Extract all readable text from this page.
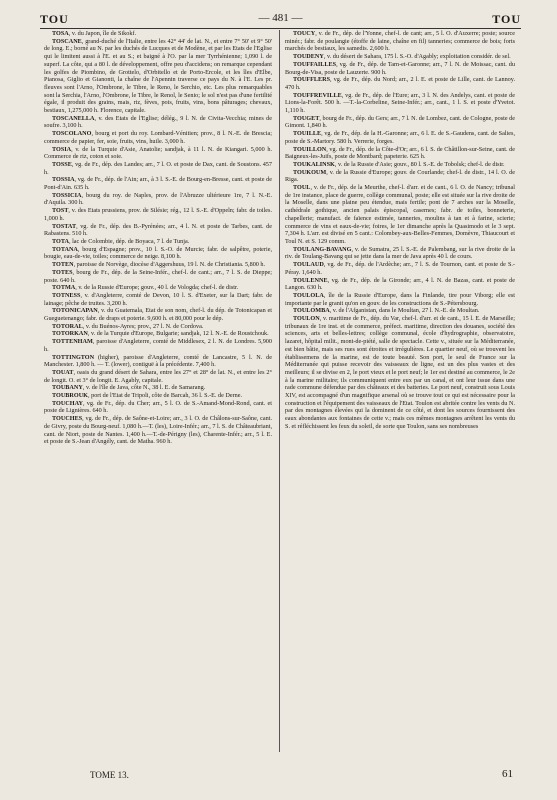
TOU	— 481 —	TOU

TOSA, v. du Japon, île de Sikokf.

TOSCANE, grand-duché de l'Italie, entre les 42° 44' de lat. N., et entre 7° 50' et 9° 50' de long. E.; borné au N. par les duchés de Lucques et de Modène, et par les Etats de l'Eglise qui le limitent aussi à l'E. et au S.; et baigné à l'O. par la mer Tyrrhénienne; 1,090 l. de superf. La côte, qui a 80 l. de développement, offre peu d'accidens; on remarque cependant les golfes de Piombino, de Grottelo, d'Orbitello et de Porto-Ercole, et les îles d'Elbe, Pianosa, Giglio et Gianonti, la chaîne de l'Apennin traverse ce pays du N. à l'E. Les pr. fleuves sont l'Arno, l'Ombrone, le Tibre, le Reno, le Serchio, etc. Les plus remarquables sont la Serchia, l'Arno, l'Ombrone, le Tibre, le Renol, le Senio; le sol n'est pas d'une fertilité égale, il produit des grains, mais, riz, fèves, pois, fruits, vins, bons pâturages; chevaux, bestiaux, 1,275,000 h. Florence, capitale.

TOSCANELLA, v. des Etats de l'Eglise; délég., 9 l. N. de Civita-Vecchia; mines de soufre. 3,100 h.

TOSCOLANO, bourg et port du roy. Lombard-Vénitien; prov., 8 l. N.-E. de Brescia; commerce de papier, fer, soie, fruits, vins, huile. 3,000 h.

TOSIA, v. de la Turquie d'Asie, Anatolie; sandjak, à 11 l. N. de Kiangari. 5,000 h. Commerce de riz, coton et soie.

TOSSE, vg. de Fr., dép. des Landes; arr., 7 l. O. et poste de Dax, cant. de Soustons. 457 h.

TOSSIA, vg. de Fr., dép. de l'Ain; arr., à 3 l. S.-E. de Bourg-en-Bresse, cant. et poste de Pont-d'Ain. 635 h.

TOSSICIA, bourg du roy. de Naples, prov. de l'Abruzze ultérieure 1re, 7 l. N.-E. d'Aquila. 300 h.

TOST, v. des Etats prussiens, prov. de Silésie; rég., 12 l. S.-E. d'Oppeln; fabr. de toiles. 1,000 h.

TOSTAT, vg. de Fr., dép. des B.-Pyrénées; arr., 4 l. N. et poste de Tarbes, cant. de Rabastens. 510 h.

TOTA, lac de Colombie, dép. de Boyaca, 7 l. de Tunja.

TOTANA, bourg d'Espagne; prov., 10 l. S.-O. de Murcie; fabr. de salpêtre, poterie, bougie, eau-de-vie, toiles; commerce de neige. 8,100 h.

TOTEN, paroisse de Norvège, diocèse d'Aggershuus, 19 l. N. de Christiania. 5,800 h.

TOTES, bourg de Fr., dép. de la Seine-Infér., chef-l. de cant.; arr., 7 l. S. de Dieppe; poste. 640 h.

TOTMA, v. de la Russie d'Europe; gouv., 40 l. de Vologda; chef-l. de distr.

TOTNESS, v. d'Angleterre, comté de Devon, 10 l. S. d'Exeter, sur la Dart; fabr. de lainage; pêche de truites. 3,200 h.

TOTONICAPAN, v. du Guatemala, Etat de son nom, chef-l. du dép. de Totonicapan et Gueguetenango; fabr. de draps et poterie. 9,600 h. et 80,000 pour le dép.

TOTORAL, v. du Buénos-Ayres; prov., 27 l. N. de Cordova.

TOTORKAN, v. de la Turquie d'Europe, Bulgarie; sandjak, 12 l. N.-E. de Roustchouk.

TOTTENHAM, paroisse d'Angleterre, comté de Middlesex, 2 l. N. de Londres. 5,900 h.

TOTTINGTON (higher), paroisse d'Angleterre, comté de Lancastre, 5 l. N. de Manchester. 1,800 h. — T. (lower), contiguë à la précédente. 7,400 h.

TOUAT, oasis du grand désert de Sahara, entre les 27° et 28° de lat. N., et entre les 2° de longit. O. et 3° de longit. E. Agably, capitale.

TOUBANY, v. de l'île de Java, côte N., 38 l. E. de Samarang.

TOUBROUK, port de l'Etat de Tripoli, côte de Barcah, 36 l. S.-E. de Derne.

TOUCHAY, vg. de Fr., dép. du Cher; arr., 5 l. O. de S.-Amand-Mond-Rond, cant. et poste de Lignières. 640 h.

TOUCHES, vg. de Fr., dép. de Saône-et-Loire; arr., 3 l. O. de Châlons-sur-Saône, cant. de Givry, poste du Bourg-neuf. 1,080 h.—T. (les), Loire-Infér.; arr., 7 l. S. de Châteaubriant, cant. de Niort, poste de Nantes. 1,400 h.—T.-de-Périgny (les), Charente-Infér.; arr., 5 l. E. et poste de S.-Jean d'Angély, cant. de Matha. 960 h.

TOUCY, v. de Fr., dép. de l'Yonne, chef-l. de cant; arr., 5 l. O. d'Auxerre; poste; source minér.; fabr. de poulangie (étoffe de laine, chaîne en fil) tanneries; commerce de bois; forts marchés de bestiaux, les samedis. 2,600 h.

TOUDENY, v. du désert de Sahara, 175 l. S.-O. d'Agably; exploitation considér. de sel.

TOUFFAILLES, vg. de Fr., dép. de Tarn-et-Garonne; arr., 7 l. N. de Moissac, cant. du Bourg-de-Visa, poste de Lauzerte. 900 h.

TOUFFLERS, vg. de Fr., dép. du Nord; arr., 2 l. E. et poste de Lille, cant. de Lannoy. 470 h.

TOUFFREVILLE, vg. de Fr., dép. de l'Eure; arr., 3 l. N. des Andelys, cant. et poste de Lions-la-Forêt. 500 h. —T.-la-Corbeline, Seine-Infér.; arr., cant., 1 l. S. et poste d'Yvetot. 1,110 h.

TOUGET, bourg de Fr., dép. du Gers; arr., 7 l. N. de Lombez, cant. de Cologne, poste de Gimont. 1,840 h.

TOUILLE, vg. de Fr., dép. de la H.-Garonne; arr., 6 l. E. de S.-Gaudens, cant. de Salies, poste de S.-Martory. 580 h. Verrerie, forges.

TOUILLON, vg. de Fr., dép. de la Côte-d'Or; arr., 6 l. S. de Châtillon-sur-Seine, cant. de Baigneux-les-Juifs, poste de Montbard; papeterie. 625 h.

TOUKALINSK, v. de la Russie d'Asie; gouv., 80 l. S.-E. de Tobolsk; chef-l. de distr.

TOUKOUM, v. de la Russie d'Europe; gouv. de Courlande; chef-l. de distr., 14 l. O. de Riga.

TOUL, v. de Fr., dép. de la Meurthe, chef-l. d'arr. et de cant., 6 l. O. de Nancy; tribunal de 1re instance, place de guerre, collège communal, poste; elle est située sur la rive droite de la Moselle, dans une plaine peu étendue, mais fertile; pont de 7 arches sur la Moselle, cathédrale gothique, ancien palais épiscopal, casernes; fabr. de toiles, bonneterie, chapellerie; manufact. de faïence estimée, tanneries, moulins à tan et à farine, scierie; commerce de vins et eaux-de-vie; foires, le 1er dimanche après la Quasimodo et le 3 sept. 7,304 h. L'arr. est divisé en 5 cant.: Colombey-aux-Belles-Femmes, Domèvre, Thiaucourt et Toul N. et S. 129 comm.

TOULANG-BAVANG, v. de Sumatra, 25 l. S.-E. de Palembang, sur la rive droite de la riv. de Toulang-Bavang qui se jette dans la mer de Java après 40 l. de cours.

TOULAUD, vg. de Fr., dép. de l'Ardèche; arr., 7 l. S. de Tournon, cant. et poste de S.-Péray. 1,640 h.

TOULENNE, vg. de Fr., dép. de la Gironde; arr., 4 l. N. de Bazas, cant. et poste de Langon. 630 h.

TOULOLA, île de la Russie d'Europe, dans la Finlande, tire pour Viborg; elle est importante par le granit qu'on en gouv. de les constructions de S.-Pétersbourg.

TOULOMBA, v. de l'Afganistan, dans le Moultan, 27 l. N.-E. de Moultan.

TOULON, v. maritime de Fr., dép. du Var, chef-l. d'arr. et de cant., 15 l. E. de Marseille; tribunaux de 1re inst. et de commerce, préfect. maritime, direction des douanes, société des sciences, arts et belles-lettres; collège communal, école d'hydrographie, observatoire, lazaret, hôpital milit., mont-de-piété, salle de spectacle. Cette v., située sur la Méditerranée, est bien bâtie, mais ses rues sont étroites et irrégulières. Le quartier neuf, où se trouvent les établissemens de la marine, est de toute beauté. Son port, le seul de France sur la Méditerranée qui puisse recevoir des vaisseaux de ligne, est un des plus vastes et des meilleurs; il se divise en 2, le port vieux et le port neuf; le 1er est destiné au commerce, le 2e à la marine militaire; ils communiquent entre eux par un canal, et ont leur issue dans une rade commune défendue par des châteaux et des batteries. Le port neuf, construit sous Louis XIV, est accompagné d'un magnifique arsenal où se trouve tout ce qui est nécessaire pour la construction et l'équipement des vaisseaux de l'Etat. Toulon est abritée contre les vents du N. par des montagnes élevées qui la dominent de ce côté, et dont les sources fournissent des eaux abondantes aux fontaines de cette v.; mais ces mêmes montagnes arrêtent les vents du S. et réfléchissent les feux du soleil, de sorte que Toulon, sans ses nombreuses

TOME 13.	61
